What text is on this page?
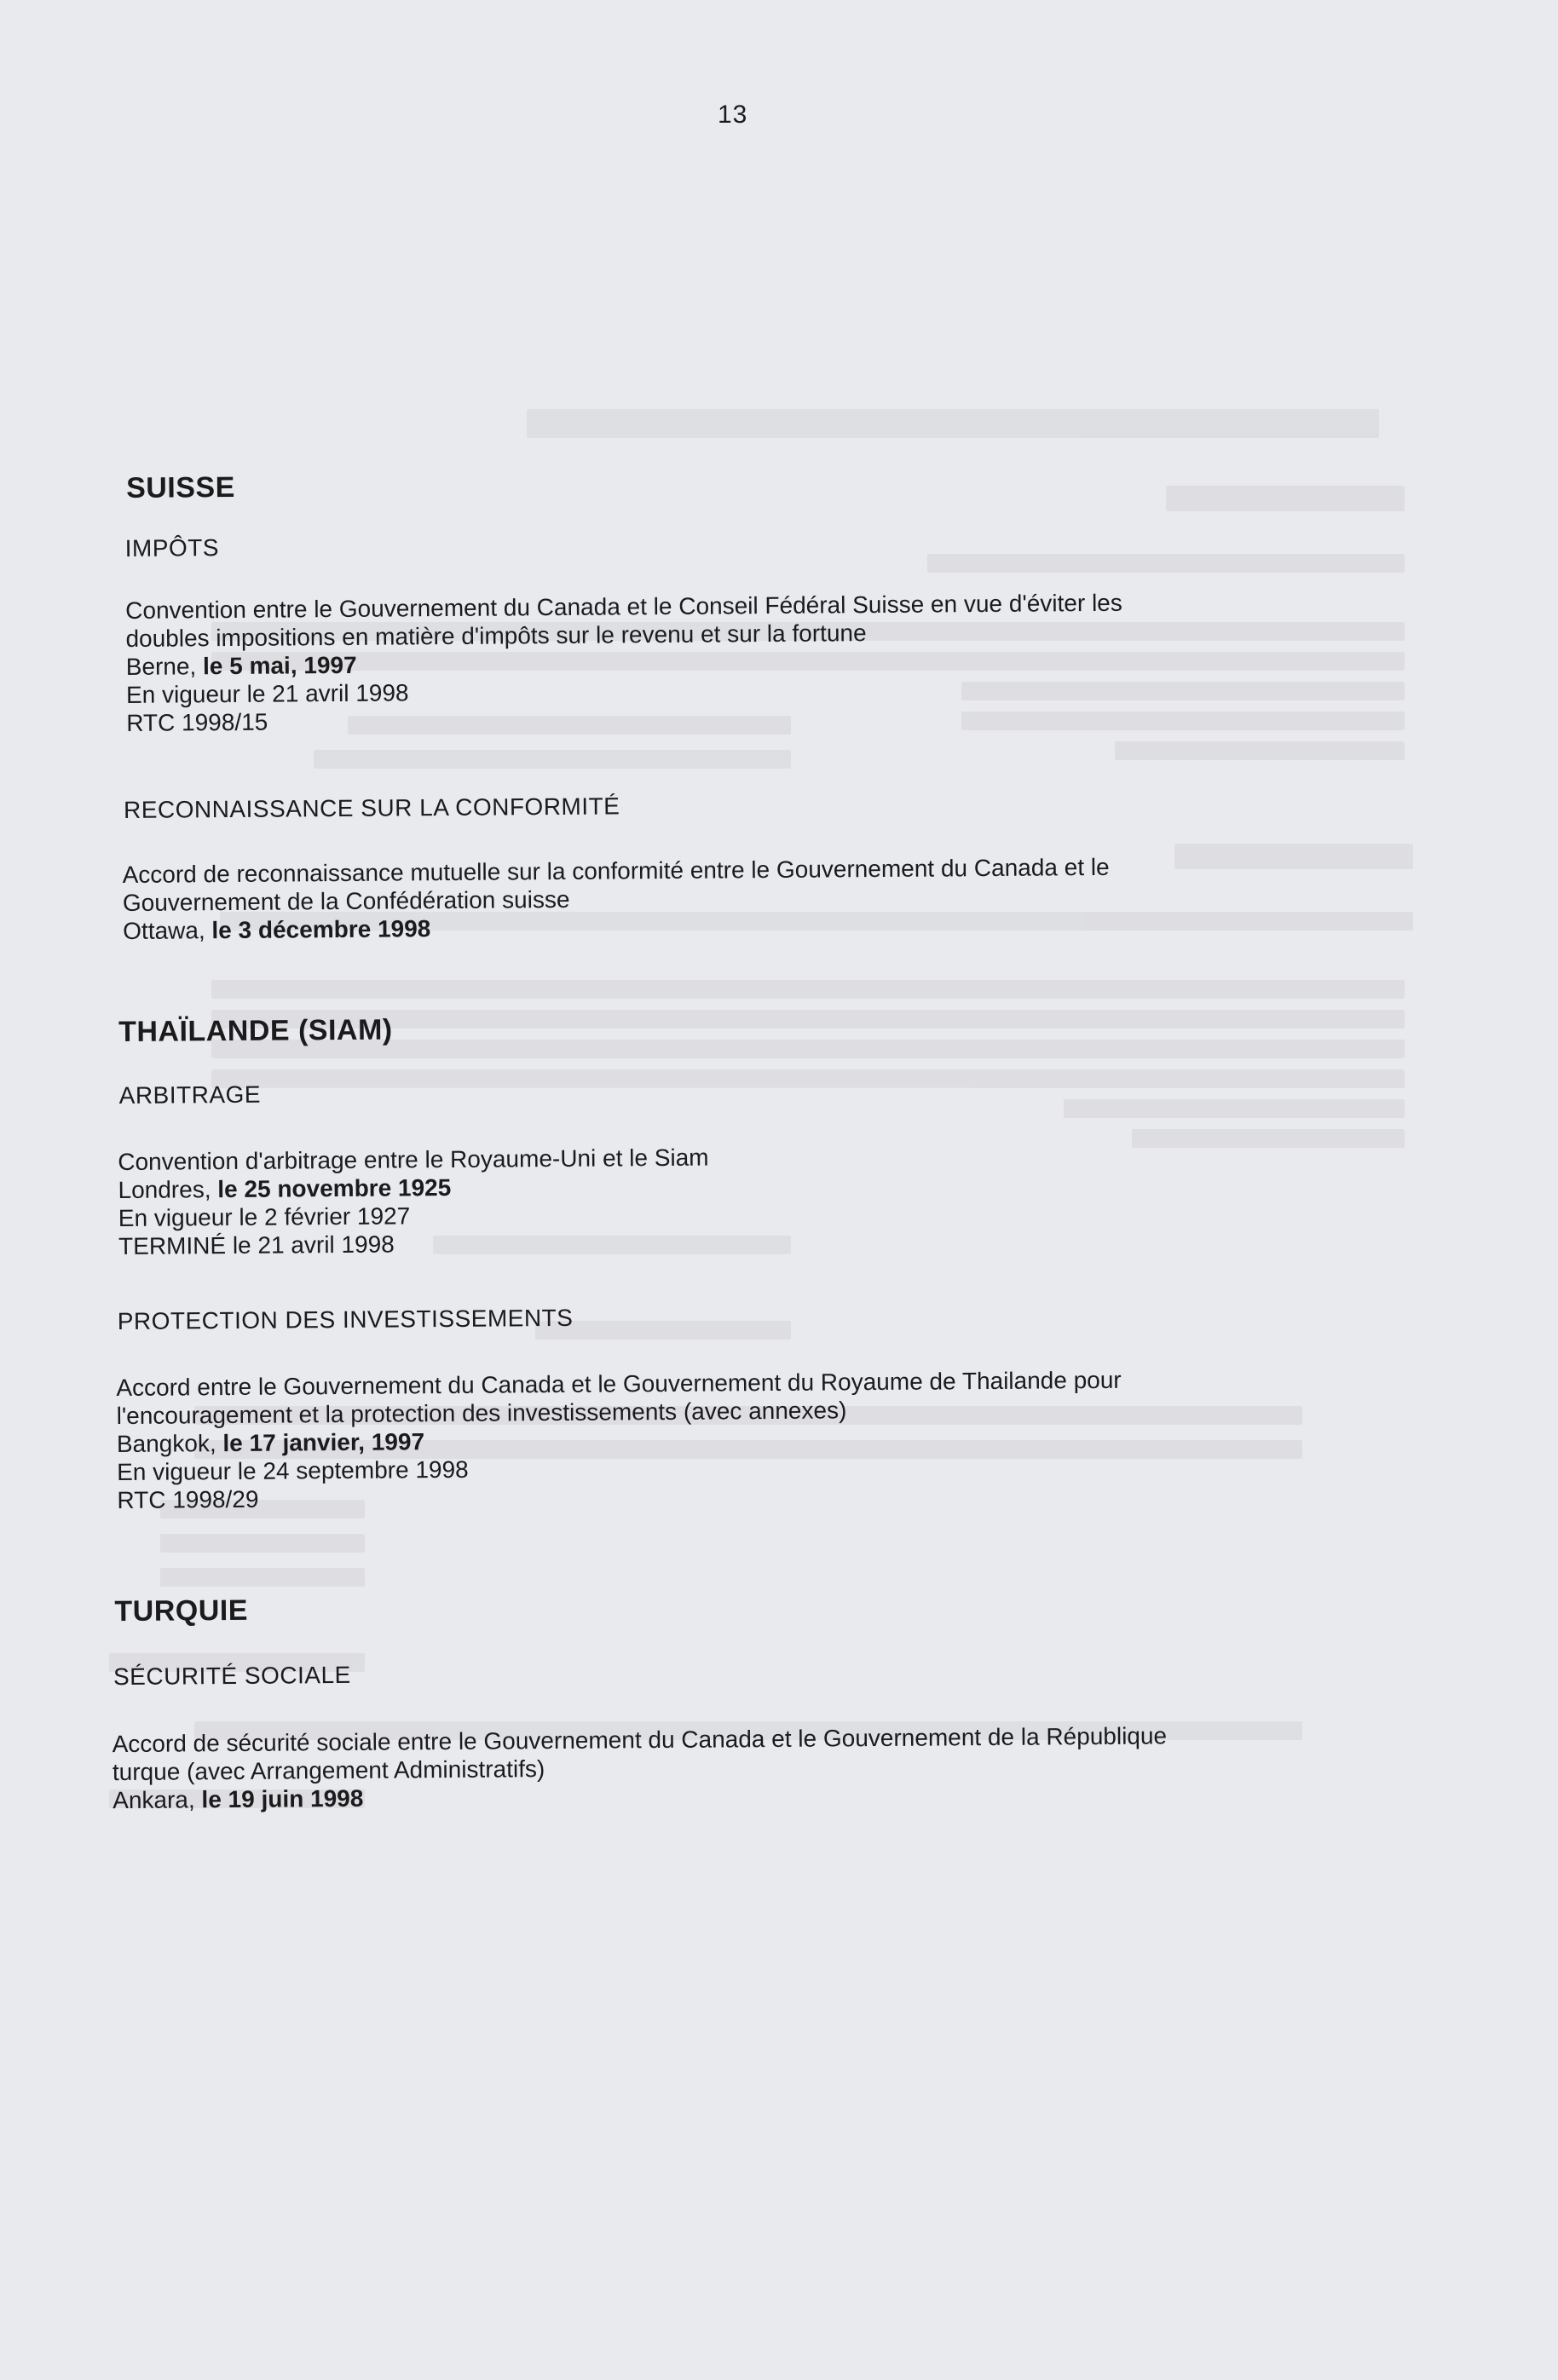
13
SUISSE
IMPÔTS
Convention entre le Gouvernement du Canada et le Conseil Fédéral Suisse en vue d'éviter les
doubles impositions en matière d'impôts sur le revenu et sur la fortune
Berne, le 5 mai, 1997
En vigueur le 21 avril 1998
RTC 1998/15
RECONNAISSANCE SUR LA CONFORMITÉ
Accord de reconnaissance mutuelle sur la conformité entre le Gouvernement du Canada et le
Gouvernement de la Confédération suisse
Ottawa, le 3 décembre 1998
THAÏLANDE (SIAM)
ARBITRAGE
Convention d'arbitrage entre le Royaume-Uni et le Siam
Londres, le 25 novembre 1925
En vigueur le 2 février 1927
TERMINÉ le 21 avril 1998
PROTECTION DES INVESTISSEMENTS
Accord entre le Gouvernement du Canada et le Gouvernement du Royaume de Thailande pour
l'encouragement et la protection des investissements (avec annexes)
Bangkok, le 17 janvier, 1997
En vigueur le 24 septembre 1998
RTC 1998/29
TURQUIE
SÉCURITÉ SOCIALE
Accord de sécurité sociale entre le Gouvernement du Canada et le Gouvernement de la République
turque (avec Arrangement Administratifs)
Ankara, le 19 juin 1998
